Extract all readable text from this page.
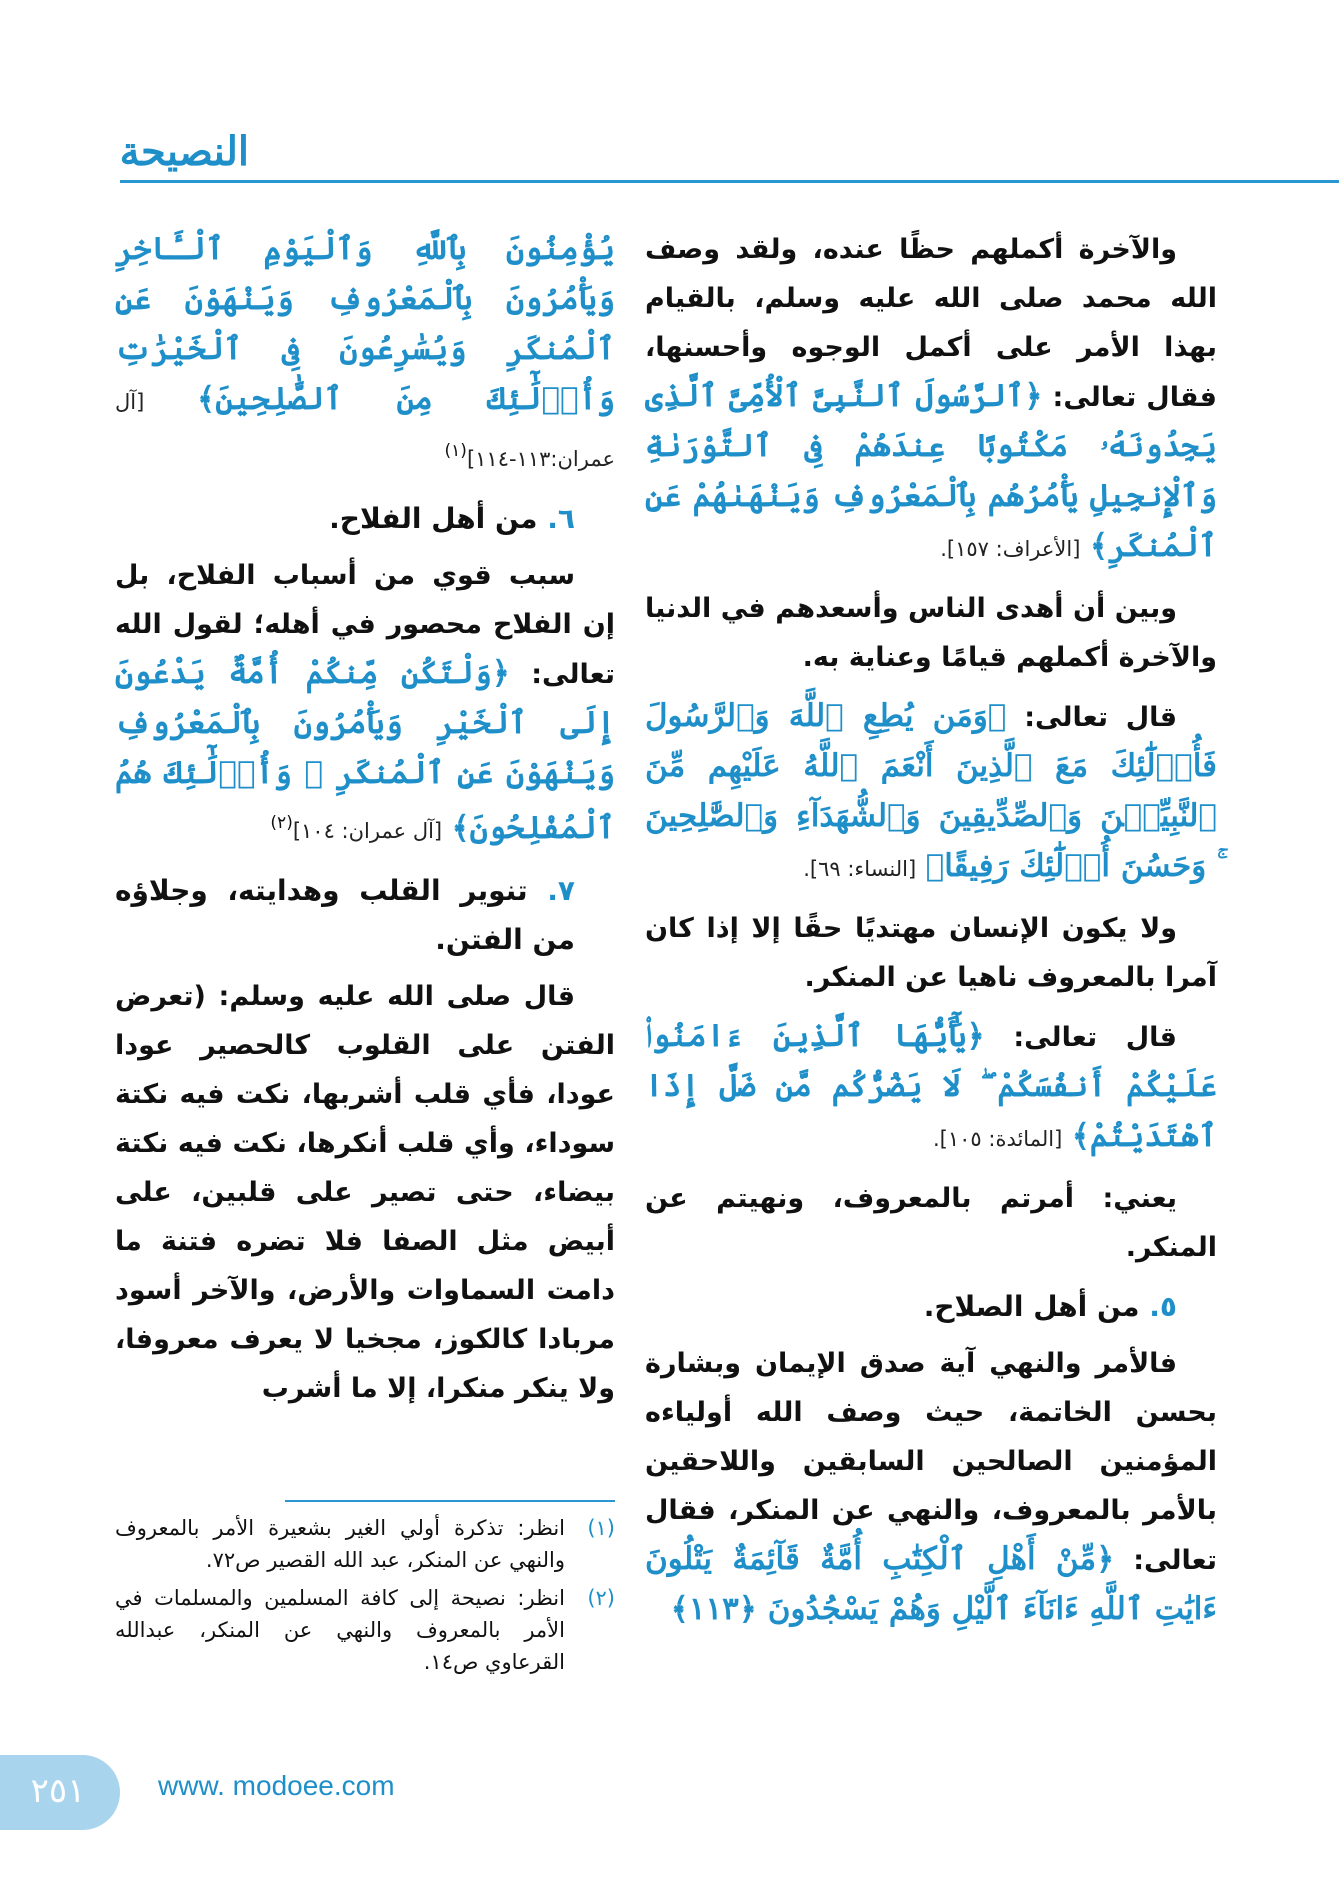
النصيحة

والآخرة أكملهم حظًا عنده، ولقد وصف الله محمد صلى الله عليه وسلم، بالقيام بهذا الأمر على أكمل الوجوه وأحسنها، فقال تعالى: ﴿ٱلرَّسُولَ ٱلنَّبِىَّ ٱلْأُمِّىَّ ٱلَّذِى يَجِدُونَهُۥ مَكْتُوبًا عِندَهُمْ فِى ٱلتَّوْرَىٰةِ وَٱلْإِنجِيلِ يَأْمُرُهُم بِٱلْمَعْرُوفِ وَيَنْهَىٰهُمْ عَنِ ٱلْمُنكَرِ﴾ [الأعراف: ١٥٧].

وبين أن أهدى الناس وأسعدهم في الدنيا والآخرة أكملهم قيامًا وعناية به.

قال تعالى: ﴿وَمَن يُطِعِ ٱللَّهَ وَٱلرَّسُولَ فَأُو۟لَٰٓئِكَ مَعَ ٱلَّذِينَ أَنْعَمَ ٱللَّهُ عَلَيْهِم مِّنَ ٱلنَّبِيِّـۧنَ وَٱلصِّدِّيقِينَ وَٱلشُّهَدَآءِ وَٱلصَّٰلِحِينَ ۚ وَحَسُنَ أُو۟لَٰٓئِكَ رَفِيقًا﴾ [النساء: ٦٩].

ولا يكون الإنسان مهتديًا حقًا إلا إذا كان آمرا بالمعروف ناهيا عن المنكر.

قال تعالى: ﴿يَٰٓأَيُّهَا ٱلَّذِينَ ءَامَنُوا۟ عَلَيْكُمْ أَنفُسَكُمْ ۖ لَا يَضُرُّكُم مَّن ضَلَّ إِذَا ٱهْتَدَيْتُمْ﴾ [المائدة: ١٠٥].

يعني: أمرتم بالمعروف، ونهيتم عن المنكر.

٥. من أهل الصلاح.

فالأمر والنهي آية صدق الإيمان وبشارة بحسن الخاتمة، حيث وصف الله أولياءه المؤمنين الصالحين السابقين واللاحقين بالأمر بالمعروف، والنهي عن المنكر، فقال تعالى: ﴿مِّنْ أَهْلِ ٱلْكِتَٰبِ أُمَّةٌ قَآئِمَةٌ يَتْلُونَ ءَايَٰتِ ٱللَّهِ ءَانَآءَ ٱلَّيْلِ وَهُمْ يَسْجُدُونَ ﴿١١٣﴾

يُؤْمِنُونَ بِٱللَّهِ وَٱلْيَوْمِ ٱلْـَٔاخِرِ وَيَأْمُرُونَ بِٱلْمَعْرُوفِ وَيَنْهَوْنَ عَنِ ٱلْمُنكَرِ وَيُسَٰرِعُونَ فِى ٱلْخَيْرَٰتِ وَأُو۟لَٰٓئِكَ مِنَ ٱلصَّٰلِحِينَ﴾ [آل عمران:١١٣-١١٤]$^{(١)}$

٦. من أهل الفلاح.

سبب قوي من أسباب الفلاح، بل إن الفلاح محصور في أهله؛ لقول الله تعالى: ﴿وَلْتَكُن مِّنكُمْ أُمَّةٌ يَدْعُونَ إِلَى ٱلْخَيْرِ وَيَأْمُرُونَ بِٱلْمَعْرُوفِ وَيَنْهَوْنَ عَنِ ٱلْمُنكَرِ ۚ وَأُو۟لَٰٓئِكَ هُمُ ٱلْمُفْلِحُونَ﴾ [آل عمران: ١٠٤]$^{(٢)}$

٧. تنوير القلب وهدايته، وجلاؤه من الفتن.

قال صلى الله عليه وسلم: (تعرض الفتن على القلوب كالحصير عودا عودا، فأي قلب أشربها، نكت فيه نكتة سوداء، وأي قلب أنكرها، نكت فيه نكتة بيضاء، حتى تصير على قلبين، على أبيض مثل الصفا فلا تضره فتنة ما دامت السماوات والأرض، والآخر أسود مربادا كالكوز، مجخيا لا يعرف معروفا، ولا ينكر منكرا، إلا ما أشرب

(١)
انظر: تذكرة أولي الغير بشعيرة الأمر بالمعروف والنهي عن المنكر، عبد الله القصير ص٧٢.

(٢)
انظر: نصيحة إلى كافة المسلمين والمسلمات في الأمر بالمعروف والنهي عن المنكر، عبدالله القرعاوي ص١٤.

٢٥١	www. modoee.com
